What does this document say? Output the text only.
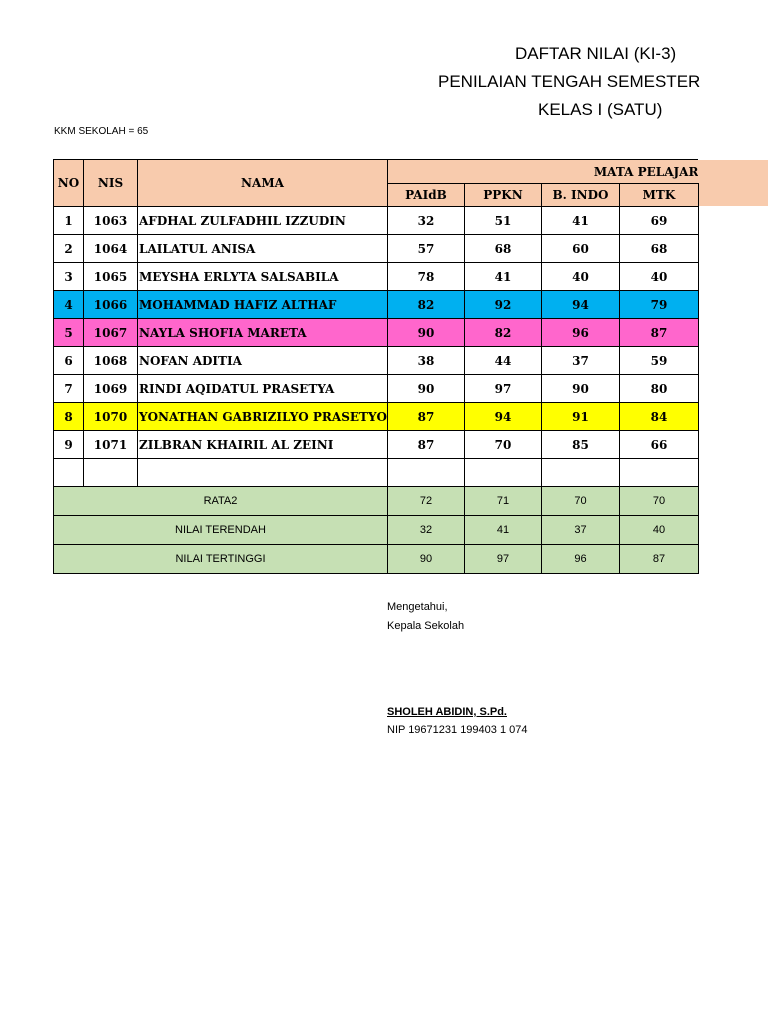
DAFTAR NILAI (KI-3)
PENILAIAN TENGAH SEMESTER
KELAS I (SATU)
KKM SEKOLAH = 65
NO	NIS	NAMA	MATA PELAJAR			
			PAIdB	PPKN	B. INDO	MTK
1	1063	AFDHAL ZULFADHIL IZZUDIN	32	51	41	69
2	1064	LAILATUL ANISA	57	68	60	68
3	1065	MEYSHA ERLYTA SALSABILA	78	41	40	40
4	1066	MOHAMMAD HAFIZ ALTHAF	82	92	94	79
5	1067	NAYLA SHOFIA MARETA	90	82	96	87
6	1068	NOFAN ADITIA	38	44	37	59
7	1069	RINDI AQIDATUL PRASETYA	90	97	90	80
8	1070	YONATHAN GABRIZILYO PRASETYO	87	94	91	84
9	1071	ZILBRAN KHAIRIL AL ZEINI	87	70	85	66

RATA2			72	71	70	70
NILAI TERENDAH			32	41	37	40
NILAI TERTINGGI			90	97	96	87
Mengetahui,
Kepala Sekolah
SHOLEH ABIDIN, S.Pd.
NIP 19671231 199403 1 074
